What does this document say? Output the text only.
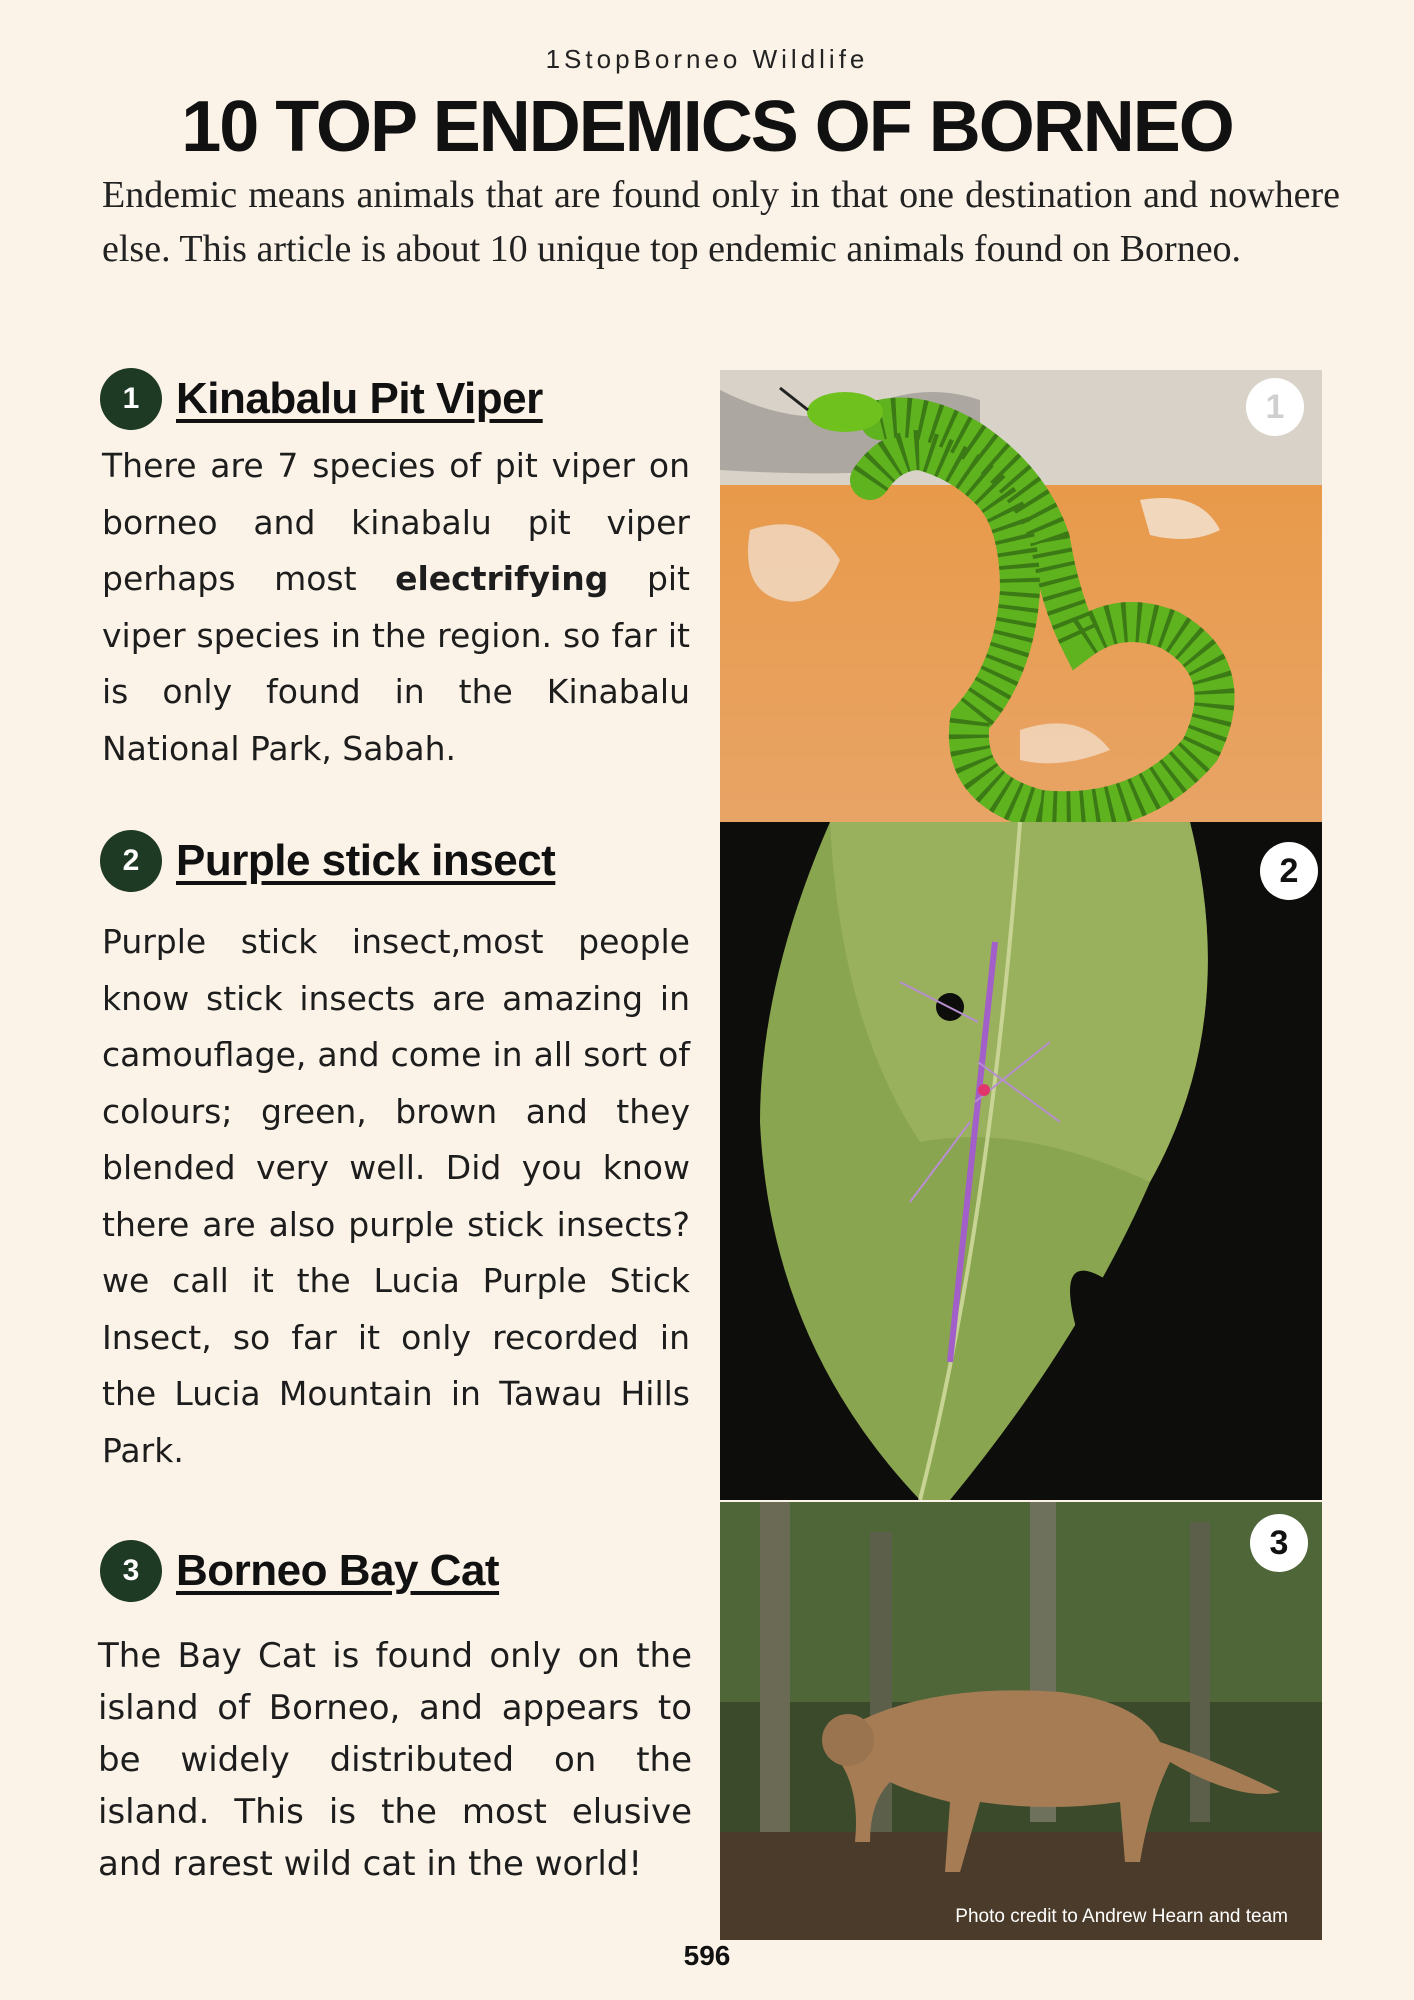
1StopBorneo Wildlife
10 TOP ENDEMICS OF BORNEO
Endemic means animals that are found only in that one destination and nowhere else. This article is about 10 unique top endemic animals found on Borneo.
1 Kinabalu Pit Viper
There are 7 species of pit viper on borneo and kinabalu pit viper perhaps most electrifying pit viper species in the region. so far it is only found in the Kinabalu National Park, Sabah.
1
2 Purple stick insect
Purple stick insect,most people know stick insects are amazing in camouflage, and come in all sort of colours; green, brown and they blended very well. Did you know there are also purple stick insects? we call it the Lucia Purple Stick Insect, so far it only recorded in the Lucia Mountain in Tawau Hills Park.
2
3 Borneo Bay Cat
The Bay Cat is found only on the island of Borneo, and appears to be widely distributed on the island. This is the most elusive and rarest wild cat in the world!
3
Photo credit to Andrew Hearn and team
596
